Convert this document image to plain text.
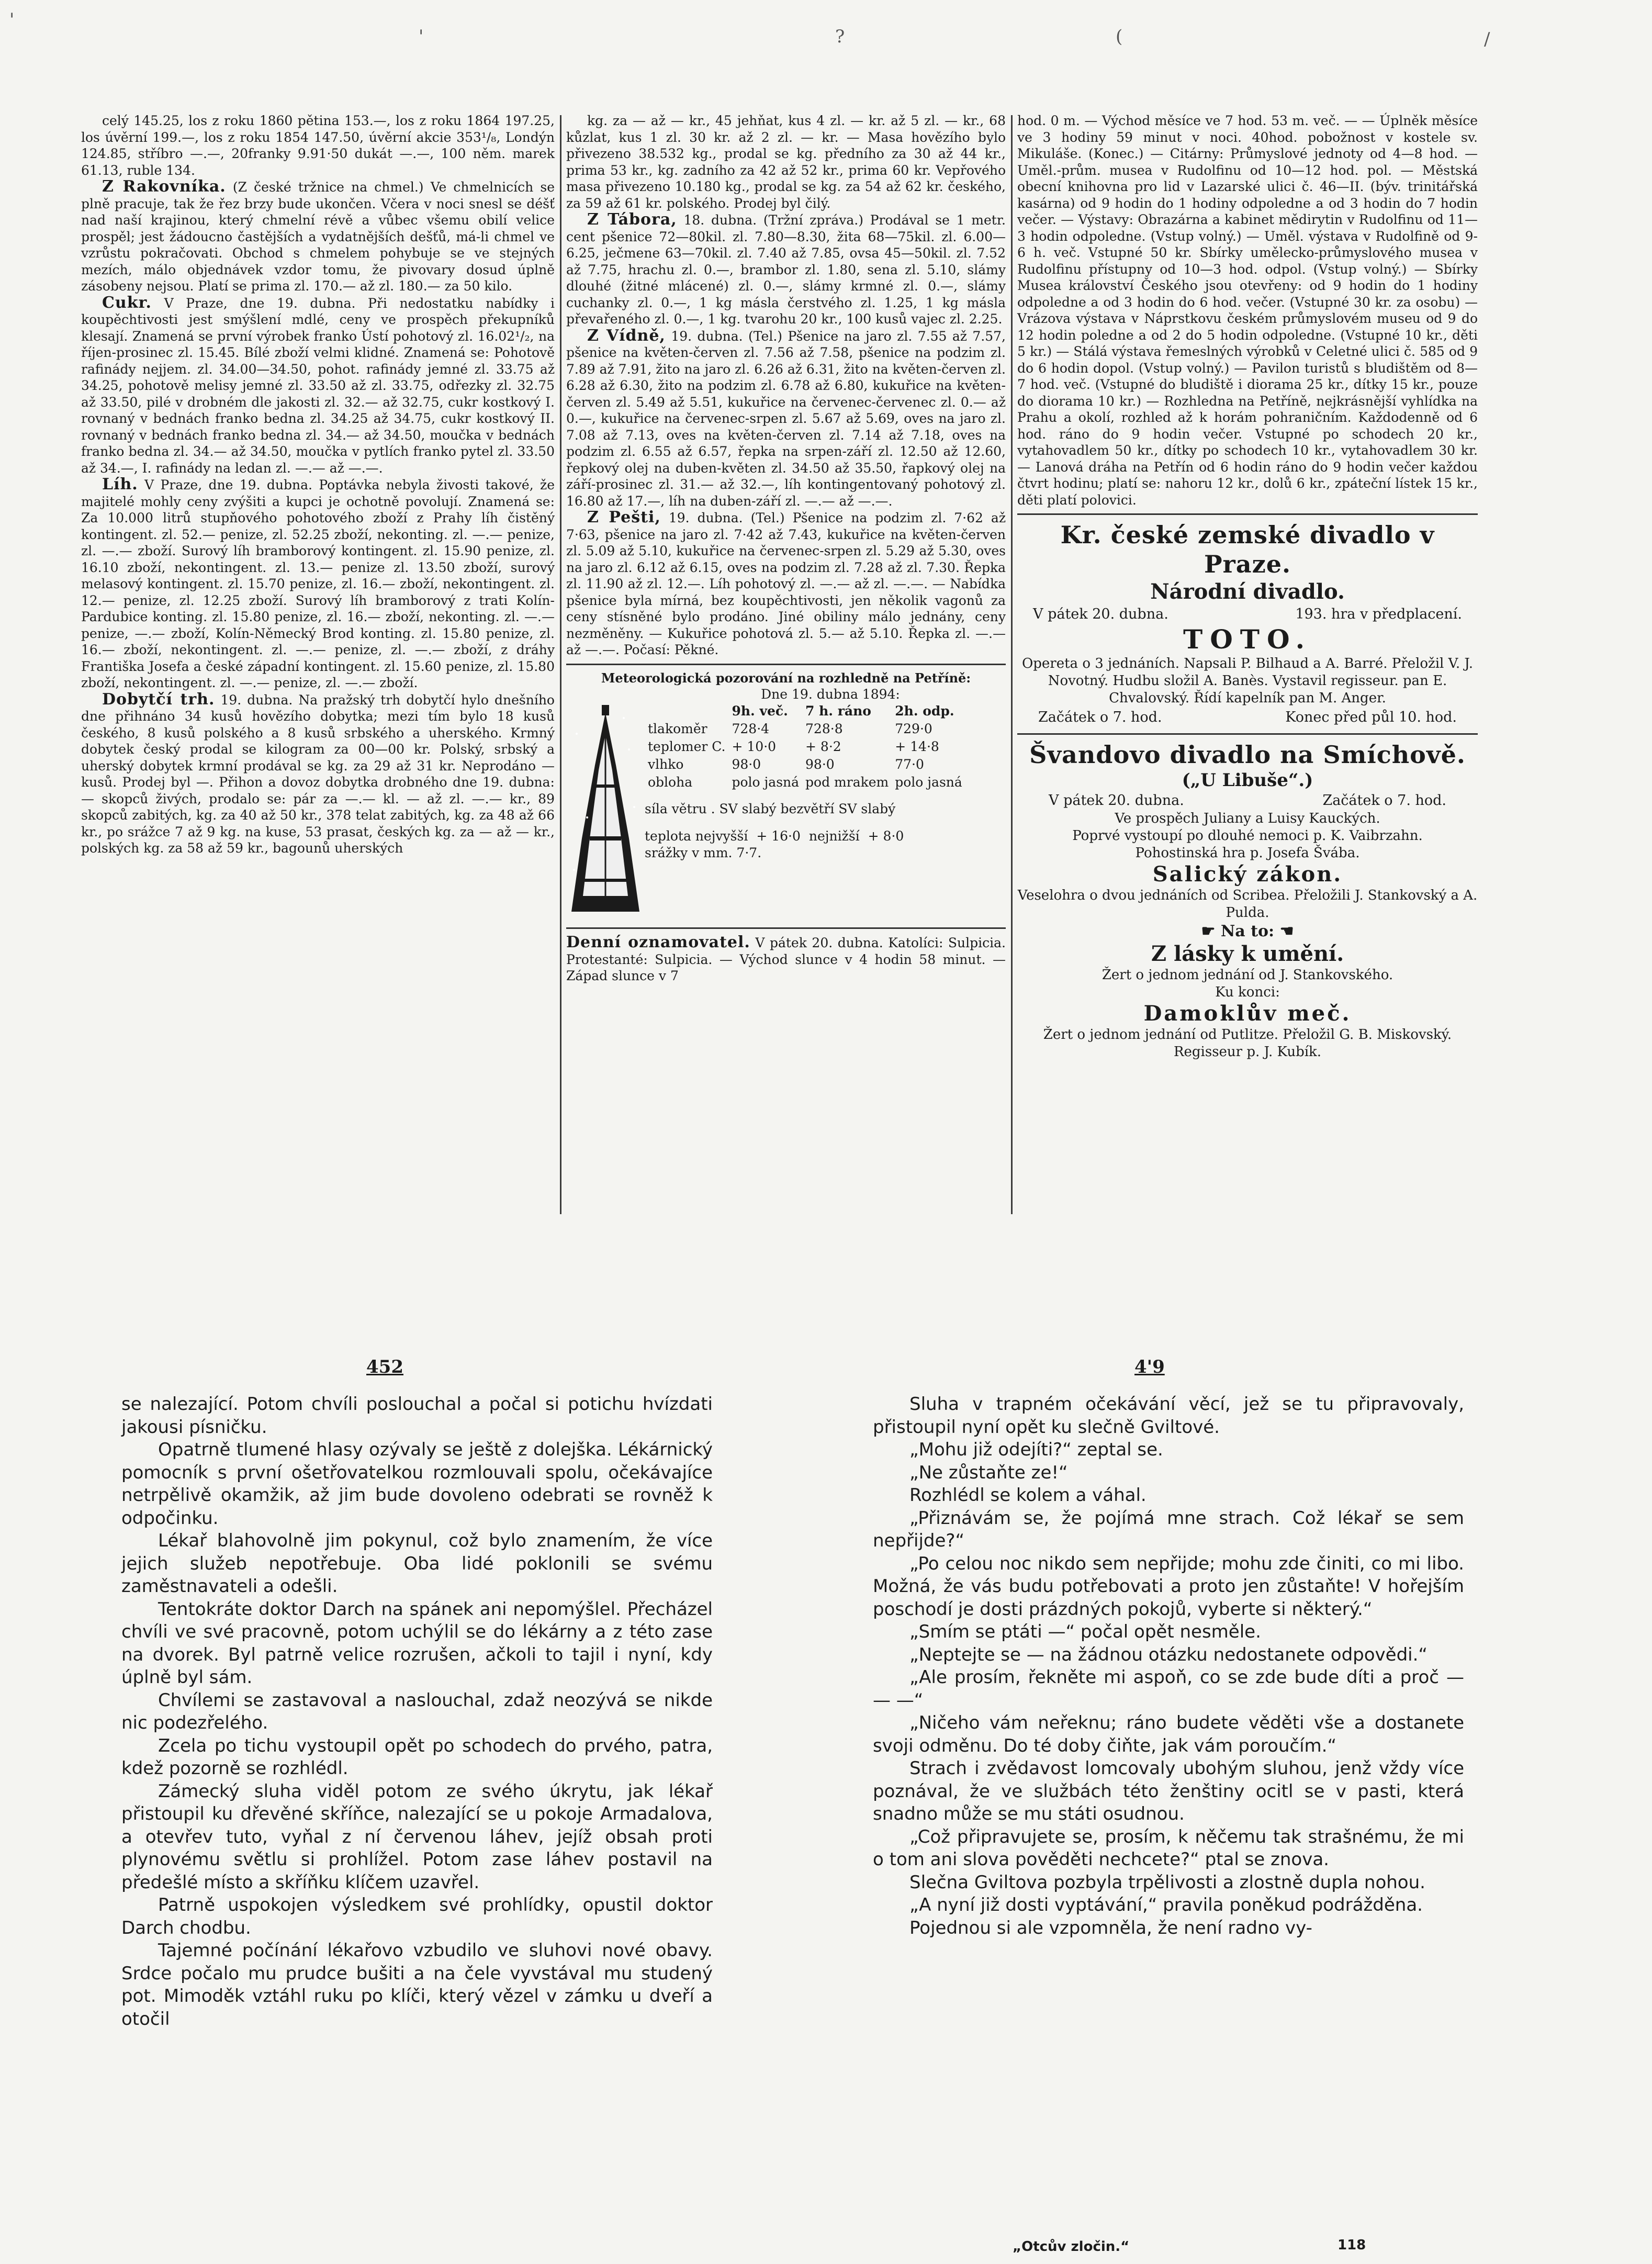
'
'	?	(	/

celý 145.25, los z roku 1860 pětina 153.—, los z roku 1864 197.25, los úvěrní 199.—, los z roku 1854 147.50, úvěrní akcie 353¹/₈, Londýn 124.85, stříbro —.—, 20franky 9.91·50 dukát —.—, 100 něm. marek 61.13, ruble 134.

Z Rakovníka. (Z české tržnice na chmel.) Ve chmelnicích se plně pracuje, tak že řez brzy bude ukončen. Včera v noci snesl se déšť nad naší krajinou, který chmelní révě a vůbec všemu obilí velice prospěl; jest žádoucno častějších a vydatnějších dešťů, má-li chmel ve vzrůstu pokračovati. Obchod s chmelem pohybuje se ve stejných mezích, málo objednávek vzdor tomu, že pivovary dosud úplně zásobeny nejsou. Platí se prima zl. 170.— až zl. 180.— za 50 kilo.

Cukr. V Praze, dne 19. dubna. Při nedostatku nabídky i koupěchtivosti jest smýšlení mdlé, ceny ve prospěch překupníků klesají. Znamená se první výrobek franko Ústí pohotový zl. 16.02¹/₂, na říjen-prosinec zl. 15.45. Bílé zboží velmi klidné. Znamená se: Pohotově rafinády nejjem. zl. 34.00—34.50, pohot. rafinády jemné zl. 33.75 až 34.25, pohotově melisy jemné zl. 33.50 až zl. 33.75, odřezky zl. 32.75 až 33.50, pilé v drobném dle jakosti zl. 32.— až 32.75, cukr kostkový I. rovnaný v bednách franko bedna zl. 34.25 až 34.75, cukr kostkový II. rovnaný v bednách franko bedna zl. 34.— až 34.50, moučka v bednách franko bedna zl. 34.— až 34.50, moučka v pytlích franko pytel zl. 33.50 až 34.—, I. rafinády na ledan zl. —.— až —.—.

Líh. V Praze, dne 19. dubna. Poptávka nebyla živosti takové, že majitelé mohly ceny zvýšiti a kupci je ochotně povolují. Znamená se: Za 10.000 litrů stupňového pohotového zboží z Prahy líh čistěný kontingent. zl. 52.— penize, zl. 52.25 zboží, nekonting. zl. —.— penize, zl. —.— zboží. Surový líh bramborový kontingent. zl. 15.90 penize, zl. 16.10 zboží, nekontingent. zl. 13.— penize zl. 13.50 zboží, surový melasový kontingent. zl. 15.70 penize, zl. 16.— zboží, nekontingent. zl. 12.— penize, zl. 12.25 zboží. Surový líh bramborový z trati Kolín-Pardubice konting. zl. 15.80 penize, zl. 16.— zboží, nekonting. zl. —.— penize, —.— zboží, Kolín-Německý Brod konting. zl. 15.80 penize, zl. 16.— zboží, nekontingent. zl. —.— penize, zl. —.— zboží, z dráhy Františka Josefa a české západní kontingent. zl. 15.60 penize, zl. 15.80 zboží, nekontingent. zl. —.— penize, zl. —.— zboží.

Dobytčí trh. 19. dubna. Na pražský trh dobytčí hylo dnešního dne přihnáno 34 kusů hovězího dobytka; mezi tím bylo 18 kusů českého, 8 kusů polského a 8 kusů srbského a uherského. Krmný dobytek český prodal se kilogram za 00—00 kr. Polský, srbský a uherský dobytek krmní prodával se kg. za 29 až 31 kr. Neprodáno — kusů. Prodej byl —. Přihon a dovoz dobytka drobného dne 19. dubna: — skopců živých, prodalo se: pár za —.— kl. — až zl. —.— kr., 89 skopců zabitých, kg. za 40 až 50 kr., 378 telat zabitých, kg. za 48 až 66 kr., po srážce 7 až 9 kg. na kuse, 53 prasat, českých kg. za — až — kr., polských kg. za 58 až 59 kr., bagounů uherských

kg. za — až — kr., 45 jehňat, kus 4 zl. — kr. až 5 zl. — kr., 68 kůzlat, kus 1 zl. 30 kr. až 2 zl. — kr. — Masa hovězího bylo přivezeno 38.532 kg., prodal se kg. předního za 30 až 44 kr., prima 53 kr., kg. zadního za 42 až 52 kr., prima 60 kr. Vepřového masa přivezeno 10.180 kg., prodal se kg. za 54 až 62 kr. českého, za 59 až 61 kr. polského. Prodej byl čilý.

Z Tábora, 18. dubna. (Tržní zpráva.) Prodával se 1 metr. cent pšenice 72—80kil. zl. 7.80—8.30, žita 68—75kil. zl. 6.00—6.25, ječmene 63—70kil. zl. 7.40 až 7.85, ovsa 45—50kil. zl. 7.52 až 7.75, hrachu zl. 0.—, brambor zl. 1.80, sena zl. 5.10, slámy dlouhé (žitné mlácené) zl. 0.—, slámy krmné zl. 0.—, slámy cuchanky zl. 0.—, 1 kg másla čerstvého zl. 1.25, 1 kg másla převařeného zl. 0.—, 1 kg. tvarohu 20 kr., 100 kusů vajec zl. 2.25.

Z Vídně, 19. dubna. (Tel.) Pšenice na jaro zl. 7.55 až 7.57, pšenice na květen-červen zl. 7.56 až 7.58, pšenice na podzim zl. 7.89 až 7.91, žito na jaro zl. 6.26 až 6.31, žito na květen-červen zl. 6.28 až 6.30, žito na podzim zl. 6.78 až 6.80, kukuřice na květen-červen zl. 5.49 až 5.51, kukuřice na červenec-červenec zl. 0.— až 0.—, kukuřice na červenec-srpen zl. 5.67 až 5.69, oves na jaro zl. 7.08 až 7.13, oves na květen-červen zl. 7.14 až 7.18, oves na podzim zl. 6.55 až 6.57, řepka na srpen-září zl. 12.50 až 12.60, řepkový olej na duben-květen zl. 34.50 až 35.50, řapkový olej na září-prosinec zl. 31.— až 32.—, líh kontingentovaný pohotový zl. 16.80 až 17.—, líh na duben-září zl. —.— až —.—.

Z Pešti, 19. dubna. (Tel.) Pšenice na podzim zl. 7·62 až 7·63, pšenice na jaro zl. 7·42 až 7.43, kukuřice na květen-červen zl. 5.09 až 5.10, kukuřice na červenec-srpen zl. 5.29 až 5.30, oves na jaro zl. 6.12 až 6.15, oves na podzim zl. 7.28 až zl. 7.30. Řepka zl. 11.90 až zl. 12.—. Líh pohotový zl. —.— až zl. —.—. — Nabídka pšenice byla mírná, bez koupěchtivosti, jen několik vagonů za ceny stísněné bylo prodáno. Jiné obiliny málo jednány, ceny nezměněny. — Kukuřice pohotová zl. 5.— až 5.10. Řepka zl. —.— až —.—. Počasí: Pěkné.

Meteorologická pozorování na rozhledně na Petříně:
Dne 19. dubna 1894:
	9h. več.	7 h. ráno	2h. odp.
tlakoměr	728·4	728·8	729·0
teplomer C.	+ 10·0	+ 8·2	+ 14·8
vlhko	98·0	98·0	77·0
obloha	polo jasná	pod mrakem	polo jasná
síla větru . SV slabý bezvětří SV slabý
teplota nejvyšší + 16·0 nejnižší + 8·0
srážky v mm. 7·7.

Denní oznamovatel. V pátek 20. dubna. Katolíci: Sulpicia. Protestanté: Sulpicia. — Východ slunce v 4 hodin 58 minut. — Západ slunce v 7

hod. 0 m. — Východ měsíce ve 7 hod. 53 m. več. — — Úplněk měsíce ve 3 hodiny 59 minut v noci. 40hod. pobožnost v kostele sv. Mikuláše. (Konec.) — Citárny: Průmyslové jednoty od 4—8 hod. — Uměl.-prům. musea v Rudolfinu od 10—12 hod. pol. — Městská obecní knihovna pro lid v Lazarské ulici č. 46—II. (býv. trinitářská kasárna) od 9 hodin do 1 hodiny odpoledne a od 3 hodin do 7 hodin večer. — Výstavy: Obrazárna a kabinet mědirytin v Rudolfinu od 11—3 hodin odpoledne. (Vstup volný.) — Uměl. výstava v Rudolfině od 9-6 h. več. Vstupné 50 kr. Sbírky umělecko-průmyslového musea v Rudolfinu přístupny od 10—3 hod. odpol. (Vstup volný.) — Sbírky Musea království Českého jsou otevřeny: od 9 hodin do 1 hodiny odpoledne a od 3 hodin do 6 hod. večer. (Vstupné 30 kr. za osobu) — Vrázova výstava v Náprstkovu českém průmyslovém museu od 9 do 12 hodin poledne a od 2 do 5 hodin odpoledne. (Vstupné 10 kr., děti 5 kr.) — Stálá výstava řemeslných výrobků v Celetné ulici č. 585 od 9 do 6 hodin dopol. (Vstup volný.) — Pavilon turistů s bludištěm od 8—7 hod. več. (Vstupné do bludiště i diorama 25 kr., dítky 15 kr., pouze do diorama 10 kr.) — Rozhledna na Petříně, nejkrásnější vyhlídka na Prahu a okolí, rozhled až k horám pohraničním. Každodenně od 6 hod. ráno do 9 hodin večer. Vstupné po schodech 20 kr., vytahovadlem 50 kr., dítky po schodech 10 kr., vytahovadlem 30 kr. — Lanová dráha na Petřín od 6 hodin ráno do 9 hodin večer každou čtvrt hodinu; platí se: nahoru 12 kr., dolů 6 kr., zpáteční lístek 15 kr., děti platí polovici.

Kr. české zemské divadlo v Praze.
Národní divadlo.
V pátek 20. dubna.	193. hra v předplacení.
TOTO.

Opereta o 3 jednáních. Napsali P. Bilhaud a A. Barré. Přeložil V. J. Novotný. Hudbu složil A. Banès. Vystavil regisseur. pan E. Chvalovský. Řídí kapelník pan M. Anger.

Začátek o 7. hod.	Konec před půl 10. hod.
Švandovo divadlo na Smíchově.
(„U Libuše“.)
V pátek 20. dubna.	Začátek o 7. hod.
Ve prospěch Juliany a Luisy Kauckých.
Poprvé vystoupí po dlouhé nemoci p. K. Vaibrzahn.
Pohostinská hra p. Josefa Švába.
Salický zákon.
Veselohra o dvou jednáních od Scribea. Přeložili J. Stankovský a A. Pulda.
☛ Na to: ☚
Z lásky k umění.
Žert o jednom jednání od J. Stankovského.
Ku konci:
Damoklův meč.
Žert o jednom jednání od Putlitze. Přeložil G. B. Miskovský. Regisseur p. J. Kubík.
452	4'9

se nalezající. Potom chvíli poslouchal a počal si potichu hvízdati jakousi písničku.

Opatrně tlumené hlasy ozývaly se ještě z dolejška. Lékárnický pomocník s první ošetřovatelkou rozmlouvali spolu, očekávajíce netrpělivě okamžik, až jim bude dovoleno odebrati se rovněž k odpočinku.

Lékař blahovolně jim pokynul, což bylo znamením, že více jejich služeb nepotřebuje. Oba lidé poklonili se svému zaměstnavateli a odešli.

Tentokráte doktor Darch na spánek ani nepomýšlel. Přecházel chvíli ve své pracovně, potom uchýlil se do lékárny a z této zase na dvorek. Byl patrně velice rozrušen, ačkoli to tajil i nyní, kdy úplně byl sám.

Chvílemi se zastavoval a naslouchal, zdaž neozývá se nikde nic podezřelého.

Zcela po tichu vystoupil opět po schodech do prvého, patra, kdež pozorně se rozhlédl.

Zámecký sluha viděl potom ze svého úkrytu, jak lékař přistoupil ku dřevěné skříňce, nalezající se u pokoje Armadalova, a otevřev tuto, vyňal z ní červenou láhev, jejíž obsah proti plynovému světlu si prohlížel. Potom zase láhev postavil na předešlé místo a skříňku klíčem uzavřel.

Patrně uspokojen výsledkem své prohlídky, opustil doktor Darch chodbu.

Tajemné počínání lékařovo vzbudilo ve sluhovi nové obavy. Srdce počalo mu prudce bušiti a na čele vyvstával mu studený pot. Mimoděk vztáhl ruku po klíči, který vězel v zámku u dveří a otočil

Sluha v trapném očekávání věcí, jež se tu připravovaly, přistoupil nyní opět ku slečně Gviltové.

„Mohu již odejíti?“ zeptal se.

„Ne zůstaňte ze!“

Rozhlédl se kolem a váhal.

„Přiznávám se, že pojímá mne strach. Což lékař se sem nepřijde?“

„Po celou noc nikdo sem nepřijde; mohu zde činiti, co mi libo. Možná, že vás budu potřebovati a proto jen zůstaňte! V hořejším poschodí je dosti prázdných pokojů, vyberte si některý.“

„Smím se ptáti —“ počal opět nesměle.

„Neptejte se — na žádnou otázku nedostanete odpovědi.“

„Ale prosím, řekněte mi aspoň, co se zde bude díti a proč — — —“

„Ničeho vám neřeknu; ráno budete věděti vše a dostanete svoji odměnu. Do té doby čiňte, jak vám poroučím.“

Strach i zvědavost lomcovaly ubohým sluhou, jenž vždy více poznával, že ve službách této ženštiny ocitl se v pasti, která snadno může se mu státi osudnou.

„Což připravujete se, prosím, k něčemu tak strašnému, že mi o tom ani slova pověděti nechcete?“ ptal se znova.

Slečna Gviltova pozbyla trpělivosti a zlostně dupla nohou.

„A nyní již dosti vyptávání,“ pravila poněkud podrážděna.

Pojednou si ale vzpomněla, že není radno vy-

„Otcův zločin.“	118
